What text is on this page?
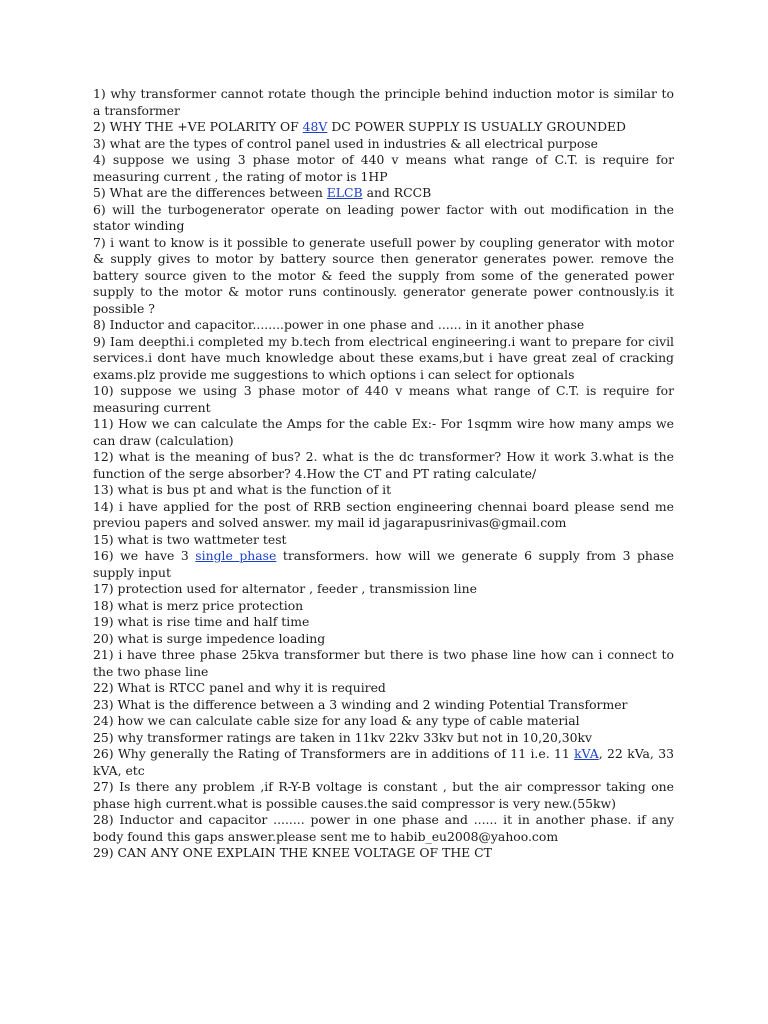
1) why transformer cannot rotate though the principle behind induction motor is similar to a transformer

2) WHY THE +VE POLARITY OF 48V DC POWER SUPPLY IS USUALLY GROUNDED

3) what are the types of control panel used in industries & all electrical purpose

4) suppose we using 3 phase motor of 440 v means what range of C.T. is require for measuring current , the rating of motor is 1HP

5) What are the differences between ELCB and RCCB

6) will the turbogenerator operate on leading power factor with out modification in the stator winding

7) i want to know is it possible to generate usefull power by coupling generator with motor & supply gives to motor by battery source then generator generates power. remove the battery source given to the motor & feed the supply from some of the generated power supply to the motor & motor runs continously. generator generate power contnously.is it possible ?

8) Inductor and capacitor........power in one phase and ...... in it another phase

9) Iam deepthi.i completed my b.tech from electrical engineering.i want to prepare for civil services.i dont have much knowledge about these exams,but i have great zeal of cracking exams.plz provide me suggestions to which options i can select for optionals

10) suppose we using 3 phase motor of 440 v means what range of C.T. is require for measuring current

11) How we can calculate the Amps for the cable Ex:- For 1sqmm wire how many amps we can draw (calculation)

12) what is the meaning of bus? 2. what is the dc transformer? How it work 3.what is the function of the serge absorber? 4.How the CT and PT rating calculate/

13) what is bus pt and what is the function of it

14) i have applied for the post of RRB section engineering chennai board please send me previou papers and solved answer. my mail id jagarapusrinivas@gmail.com

15) what is two wattmeter test

16) we have 3 single phase transformers. how will we generate 6 supply from 3 phase supply input

17) protection used for alternator , feeder , transmission line

18) what is merz price protection

19) what is rise time and half time

20) what is surge impedence loading

21) i have three phase 25kva transformer but there is two phase line how can i connect to the two phase line

22) What is RTCC panel and why it is required

23) What is the difference between a 3 winding and 2 winding Potential Transformer

24) how we can calculate cable size for any load & any type of cable material

25) why transformer ratings are taken in 11kv 22kv 33kv but not in 10,20,30kv

26) Why generally the Rating of Transformers are in additions of 11 i.e. 11 kVA, 22 kVa, 33 kVA, etc

27) Is there any problem ,if R-Y-B voltage is constant , but the air compressor taking one phase high current.what is possible causes.the said compressor is very new.(55kw)

28) Inductor and capacitor ........ power in one phase and ...... it in another phase. if any body found this gaps answer.please sent me to habib_eu2008@yahoo.com

29) CAN ANY ONE EXPLAIN THE KNEE VOLTAGE OF THE CT
